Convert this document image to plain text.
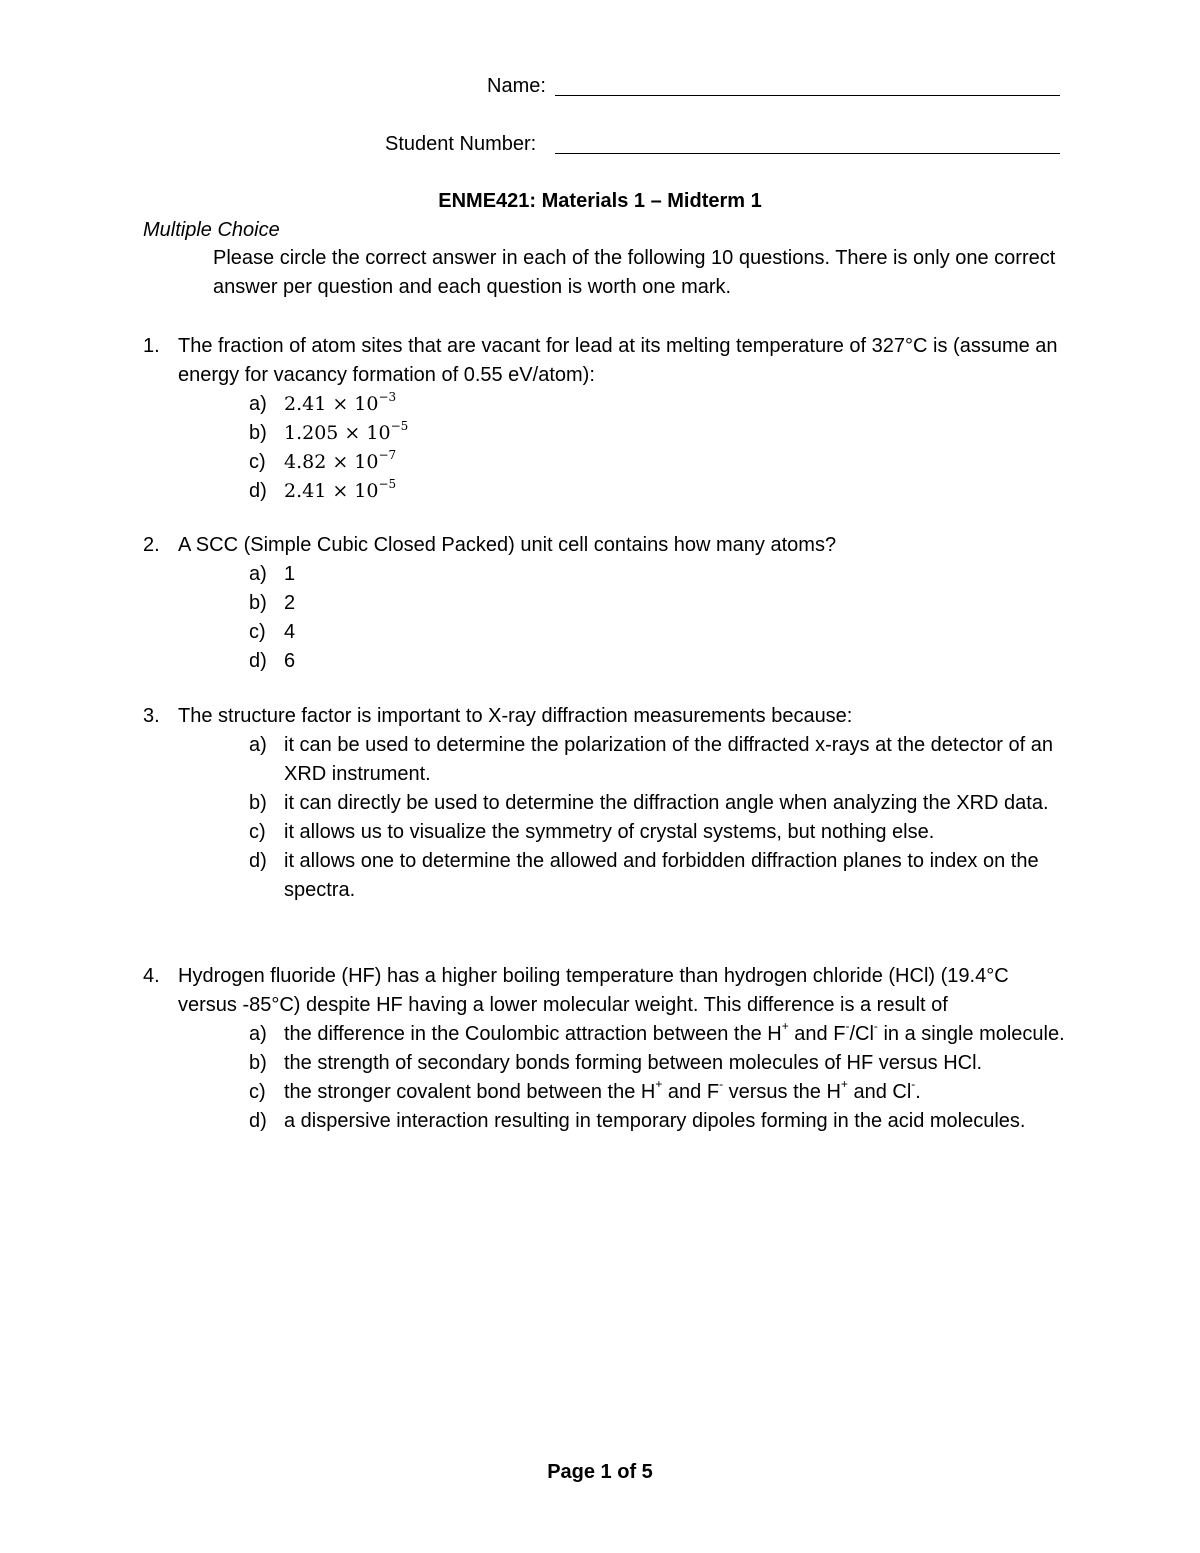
Name:
Student Number:
ENME421: Materials 1 – Midterm 1
Multiple Choice
Please circle the correct answer in each of the following 10 questions. There is only one correct answer per question and each question is worth one mark.
1. The fraction of atom sites that are vacant for lead at its melting temperature of 327°C is (assume an energy for vacancy formation of 0.55 eV/atom):
a) $2.41 \times 10^{-3}$
b) $1.205 \times 10^{-5}$
c) $4.82 \times 10^{-7}$
d) $2.41 \times 10^{-5}$
2. A SCC (Simple Cubic Closed Packed) unit cell contains how many atoms?
a) 1
b) 2
c) 4
d) 6
3. The structure factor is important to X-ray diffraction measurements because:
a) it can be used to determine the polarization of the diffracted x-rays at the detector of an XRD instrument.
b) it can directly be used to determine the diffraction angle when analyzing the XRD data.
c) it allows us to visualize the symmetry of crystal systems, but nothing else.
d) it allows one to determine the allowed and forbidden diffraction planes to index on the spectra.
4. Hydrogen fluoride (HF) has a higher boiling temperature than hydrogen chloride (HCl) (19.4°C versus -85°C) despite HF having a lower molecular weight. This difference is a result of
a) the difference in the Coulombic attraction between the H+ and F-/Cl- in a single molecule.
b) the strength of secondary bonds forming between molecules of HF versus HCl.
c) the stronger covalent bond between the H+ and F- versus the H+ and Cl-.
d) a dispersive interaction resulting in temporary dipoles forming in the acid molecules.
Page 1 of 5
